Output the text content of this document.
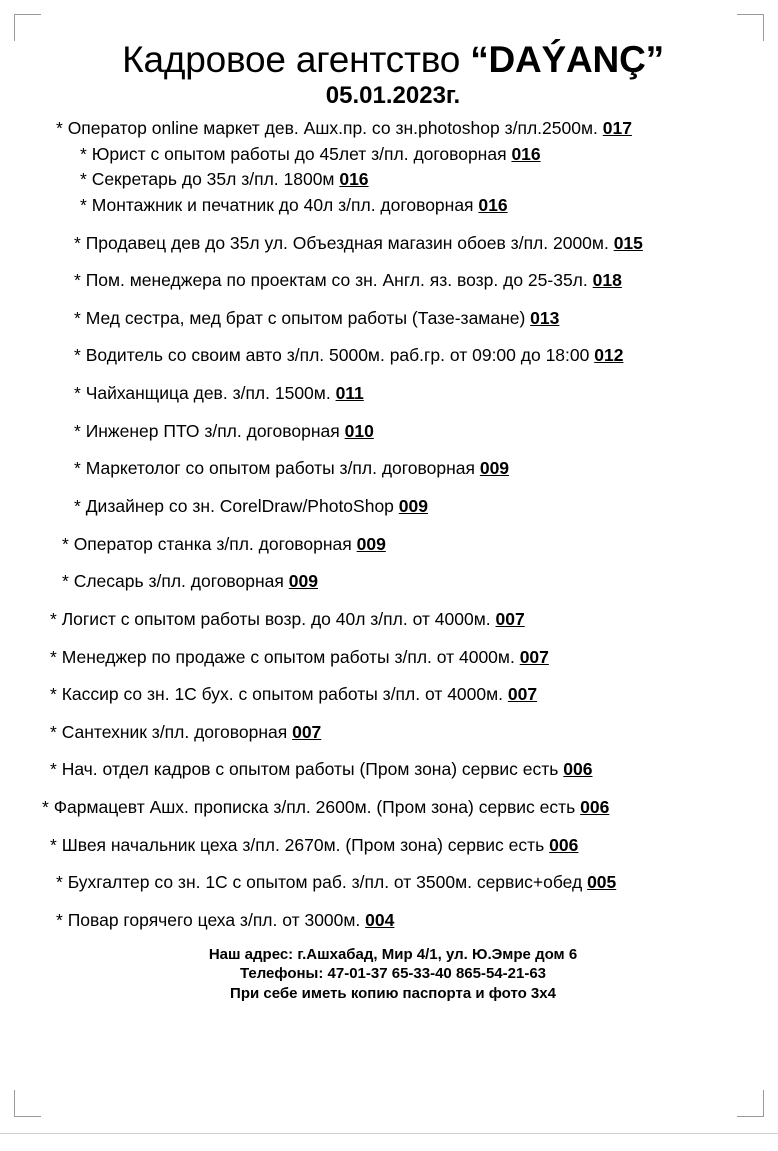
Кадровое агентство “DAÝANÇ”
05.01.2023г.
* Оператор online маркет дев. Ашх.пр. со зн.photoshop з/пл.2500м. 017
* Юрист с опытом работы до 45лет з/пл. договорная 016
* Секретарь до 35л з/пл. 1800м 016
* Монтажник и печатник до 40л з/пл. договорная 016
* Продавец дев до 35л ул. Объездная магазин обоев з/пл. 2000м. 015
* Пом. менеджера по проектам со зн. Англ. яз. возр. до 25-35л. 018
* Мед сестра, мед брат с опытом работы (Тазе-замане) 013
* Водитель со своим авто з/пл. 5000м. раб.гр. от 09:00 до 18:00 012
* Чайханщица дев. з/пл. 1500м. 011
* Инженер ПТО з/пл. договорная 010
* Маркетолог со опытом работы з/пл. договорная 009
* Дизайнер со зн. CorelDraw/PhotoShop 009
* Оператор станка з/пл. договорная 009
* Слесарь з/пл. договорная 009
* Логист с опытом работы возр. до 40л з/пл. от 4000м. 007
* Менеджер по продаже с опытом работы з/пл. от 4000м. 007
* Кассир со зн. 1С бух. с опытом работы з/пл. от 4000м. 007
* Сантехник з/пл. договорная 007
* Нач. отдел кадров с опытом работы (Пром зона) сервис есть 006
* Фармацевт Ашх. прописка з/пл. 2600м. (Пром зона) сервис есть 006
* Швея начальник цеха з/пл. 2670м. (Пром зона) сервис есть 006
* Бухгалтер со зн. 1С с опытом раб. з/пл. от 3500м. сервис+обед 005
* Повар горячего цеха з/пл. от 3000м. 004
Наш адрес: г.Ашхабад, Мир 4/1, ул. Ю.Эмре дом 6
Телефоны: 47-01-37 65-33-40 865-54-21-63
При себе иметь копию паспорта и фото 3х4
